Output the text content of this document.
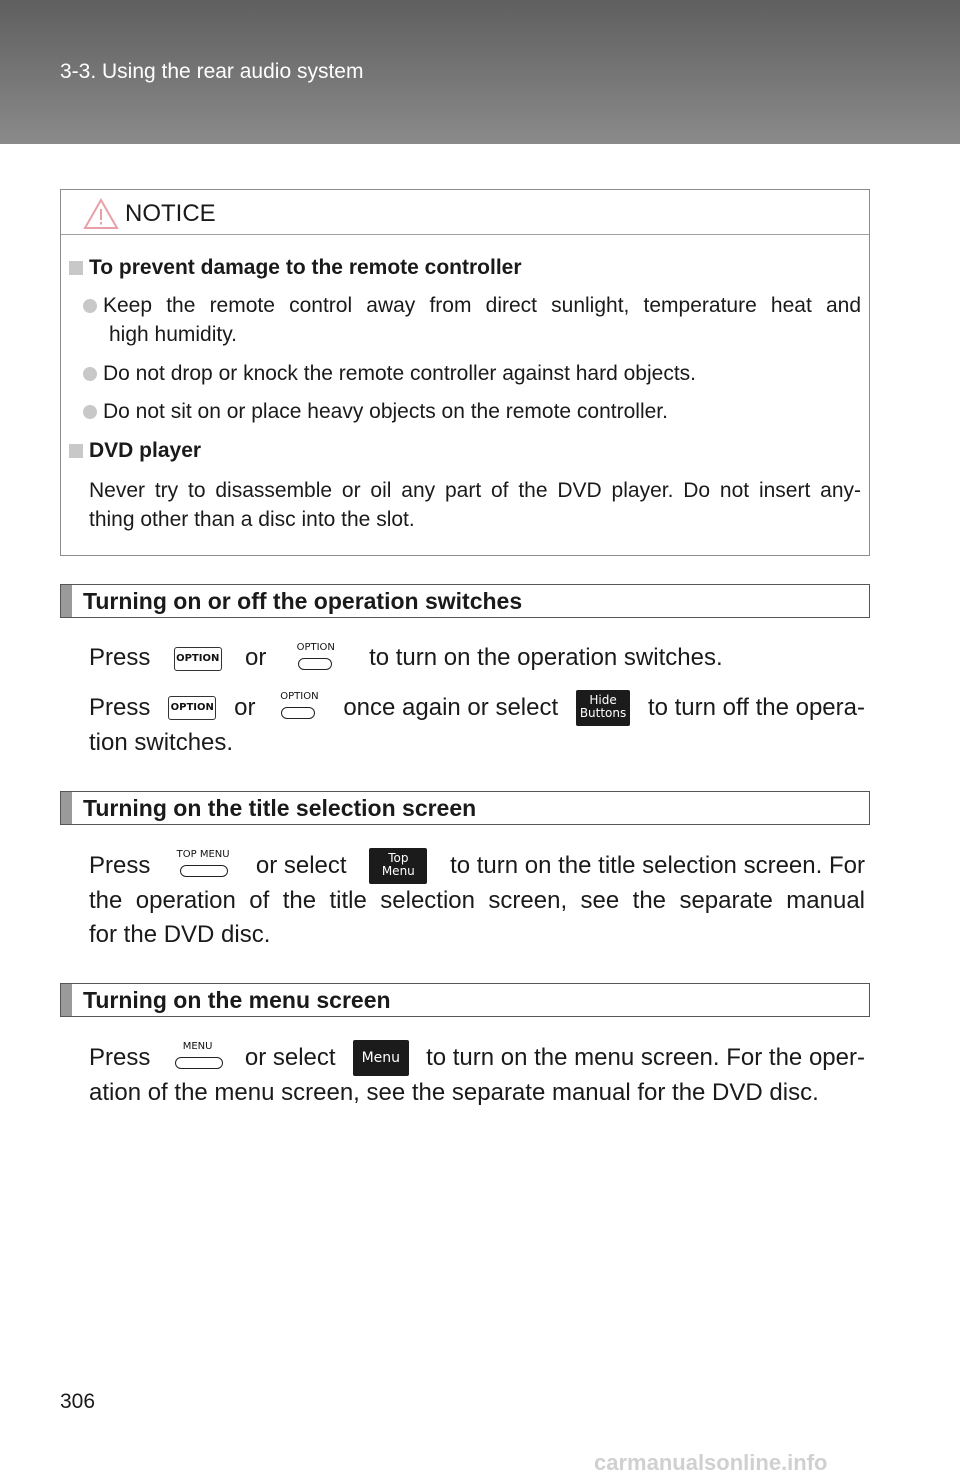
3-3. Using the rear audio system
NOTICE
To prevent damage to the remote controller
Keep the remote control away from direct sunlight, temperature heat and
high humidity.
Do not drop or knock the remote controller against hard objects.
Do not sit on or place heavy objects on the remote controller.
DVD player
Never try to disassemble or oil any part of the DVD player. Do not insert any-
thing other than a disc into the slot.
Turning on or off the operation switches
Press	OPTION or	OPTION to turn on the operation switches.
Press OPTION or	OPTION once again or select	Hide
Buttons to turn off the opera-
tion switches.
Turning on the title selection screen
Press	TOP MENU or select	Top
Menu	to turn on the title selection screen. For
the operation of the title selection screen, see the separate manual
for the DVD disc.
Turning on the menu screen
Press	MENU	or select	Menu	to turn on the menu screen. For the oper-
ation of the menu screen, see the separate manual for the DVD disc.
306
carmanualsonline.info
